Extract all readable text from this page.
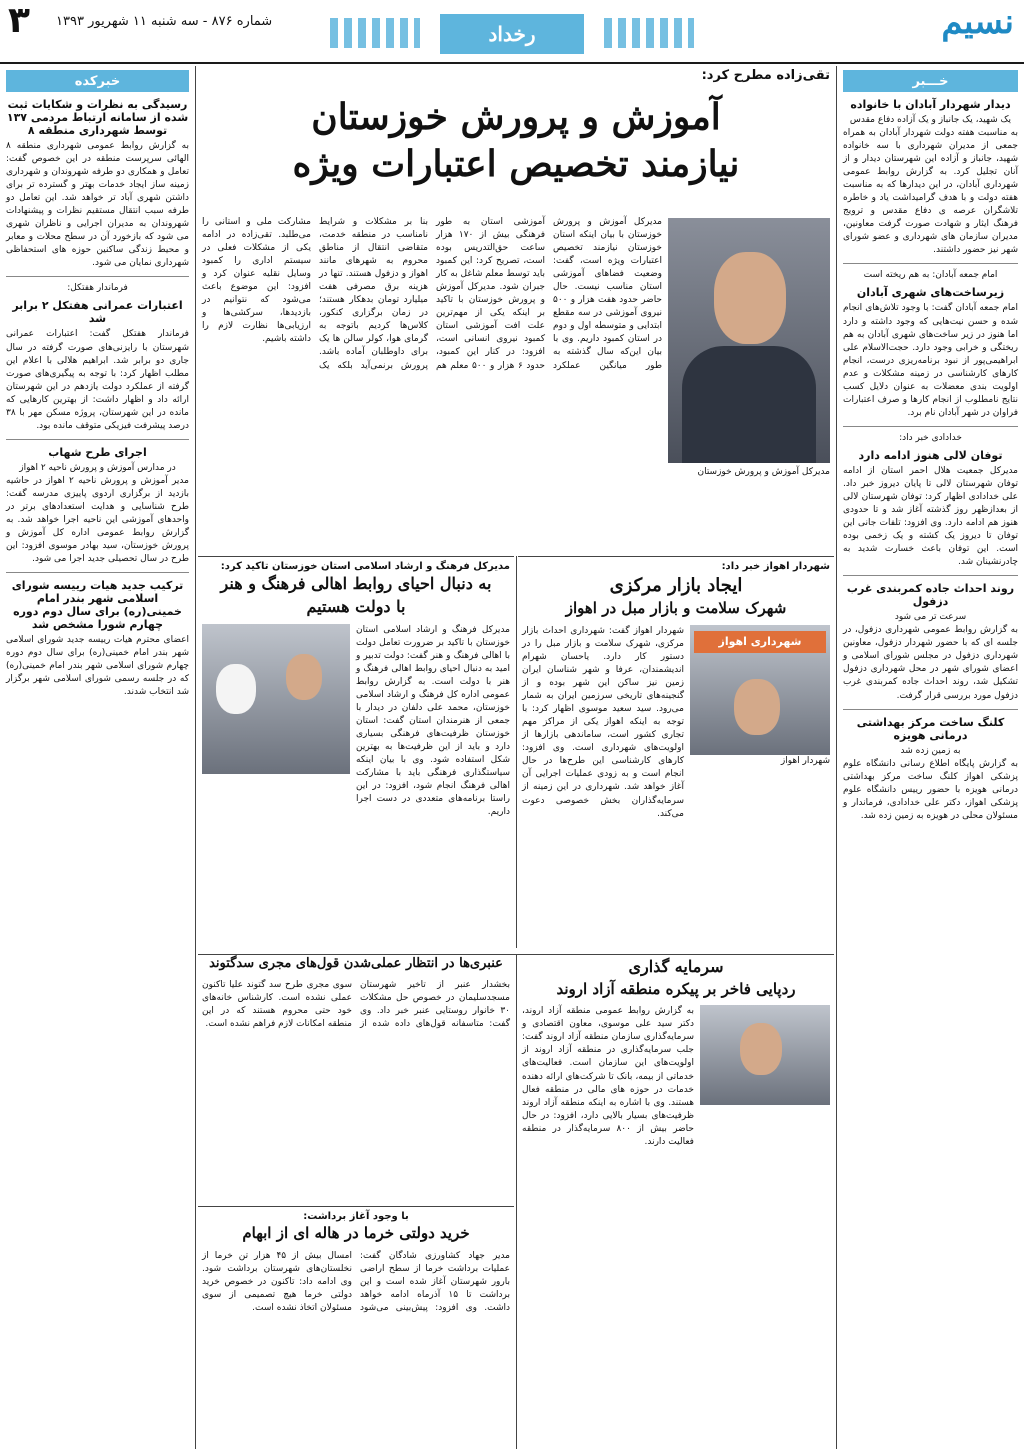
نسیم
رخداد
شماره ۸۷۶ - سه شنبه ۱۱ شهریور ۱۳۹۳
۳
خـــبر
دیدار شهردار آبادان با خانواده
یک شهید، یک جانباز و یک آزاده دفاع مقدس

به مناسبت هفته دولت شهردار آبادان به همراه جمعی از مدیران شهرداری با سه خانواده شهید، جانباز و آزاده این شهرستان دیدار و از آنان تجلیل کرد. به گزارش روابط عمومی شهرداری آبادان، در این دیدارها که به مناسبت هفته دولت و با هدف گرامیداشت یاد و خاطره تلاشگران عرصه ی دفاع مقدس و ترویج فرهنگ ایثار و شهادت صورت گرفت معاونین، مدیران سازمان های شهرداری و عضو شورای شهر نیز حضور داشتند.

امام جمعه آبادان: به هم ریخته است
زیرساخت‌های شهری آبادان

امام جمعه آبادان گفت: با وجود تلاش‌های انجام شده و حسن نیت‌هایی که وجود داشته و دارد اما هنوز در زیر ساخت‌های شهری آبادان به هم ریختگی و خرابی وجود دارد. حجت‌الاسلام علی ابراهیمی‌پور از نبود برنامه‌ریزی درست، انجام کارهای کارشناسی در زمینه مشکلات و عدم اولویت بندی معضلات به عنوان دلایل کسب نتایج نامطلوب از انجام کارها و صرف اعتبارات فراوان در شهر آبادان نام برد.

خدادادی خبر داد:
توفان لالی هنوز ادامه دارد

مدیرکل جمعیت هلال احمر استان از ادامه توفان شهرستان لالی تا پایان دیروز خبر داد. علی خدادادی اظهار کرد: توفان شهرستان لالی از بعدازظهر روز گذشته آغاز شد و تا حدودی هنوز هم ادامه دارد. وی افزود: تلفات جانی این توفان تا دیروز یک کشته و یک زخمی بوده است. این توفان باعث خسارت شدید به چادرنشینان شد.

روند احداث جاده کمربندی غرب دزفول
سرعت تر می شود

به گزارش روابط عمومی شهرداری دزفول، در جلسه ای که با حضور شهردار دزفول، معاونین شهرداری دزفول در مجلس شورای اسلامی و اعضای شورای شهر در محل شهرداری دزفول تشکیل شد، روند احداث جاده کمربندی غرب دزفول مورد بررسی قرار گرفت.

کلنگ ساخت مرکز بهداشتی درمانی هویزه
به زمین زده شد

به گزارش پایگاه اطلاع رسانی دانشگاه علوم پزشکی اهواز کلنگ ساخت مرکز بهداشتی درمانی هویزه با حضور رییس دانشگاه علوم پزشکی اهواز، دکتر علی خدادادی، فرماندار و مسئولان محلی در هویزه به زمین زده شد.

خبرکده
رسیدگی به نظرات و شکایات ثبت شده از سامانه ارتباط مردمی ۱۳۷ توسط شهرداری منطقه ۸

به گزارش روابط عمومی شهرداری منطقه ۸ الهائی سرپرست منطقه در این خصوص گفت: تعامل و همکاری دو طرفه شهروندان و شهرداری زمینه ساز ایجاد خدمات بهتر و گسترده تر برای داشتن شهری آباد تر خواهد شد. این تعامل دو طرفه سبب انتقال مستقیم نظرات و پیشنهادات شهروندان به مدیران اجرایی و ناظران شهری می شود که بازخورد آن در سطح محلات و معابر و محیط زندگی ساکنین حوزه های استحفاظی شهرداری نمایان می شود.

فرماندار هفتکل:
اعتبارات عمرانی هفتکل ۲ برابر شد

فرماندار هفتکل گفت: اعتبارات عمرانی شهرستان با رایزنی‌های صورت گرفته در سال جاری دو برابر شد. ابراهیم هلالی با اعلام این مطلب اظهار کرد: با توجه به پیگیری‌های صورت گرفته از عملکرد دولت یازدهم در این شهرستان ارائه داد و اظهار داشت: از بهترین کارهایی که مانده در این شهرستان، پروژه مسکن مهر با ۳۸ درصد پیشرفت فیزیکی متوقف مانده بود.

اجرای طرح شهاب
در مدارس آموزش و پرورش ناحیه ۲ اهواز

مدیر آموزش و پرورش ناحیه ۲ اهواز در حاشیه بازدید از برگزاری اردوی پاییزی مدرسه گفت: طرح شناسایی و هدایت استعدادهای برتر در واحدهای آموزشی این ناحیه اجرا خواهد شد. به گزارش روابط عمومی اداره کل آموزش و پرورش خوزستان، سید بهادر موسوی افزود: این طرح در سال تحصیلی جدید اجرا می شود.

ترکیب جدید هیات رییسه شورای اسلامی شهر بندر امام خمینی(ره) برای سال دوم دوره چهارم شورا مشخص شد

اعضای محترم هیات رییسه جدید شورای اسلامی شهر بندر امام خمینی(ره) برای سال دوم دوره چهارم شورای اسلامی شهر بندر امام خمینی(ره) که در جلسه رسمی شورای اسلامی شهر برگزار شد انتخاب شدند.

تقی‌زاده مطرح کرد:
آموزش و پرورش خوزستان
نیازمند تخصیص اعتبارات ویژه

مدیرکل آموزش و پرورش خوزستان با بیان اینکه استان خوزستان نیازمند تخصیص اعتبارات ویژه است، گفت: وضعیت فضاهای آموزشی استان مناسب نیست. حال حاضر حدود هفت هزار و ۵۰۰ نیروی آموزشی در سه مقطع ابتدایی و متوسطه اول و دوم در استان کمبود داریم. وی با بیان این‌که سال گذشته به طور میانگین عملکرد آموزشی استان به طور فرهنگی بیش از ۱۷۰ هزار ساعت حق‌التدریس بوده است، تصریح کرد: این کمبود باید توسط معلم شاغل به کار جبران شود. مدیرکل آموزش و پرورش خوزستان با تاکید بر اینکه یکی از مهم‌ترین علت افت آموزشی استان کمبود نیروی انسانی است، افزود: در کنار این کمبود، حدود ۶ هزار و ۵۰۰ معلم هم بنا بر مشکلات و شرایط نامناسب در منطقه خدمت، متقاضی انتقال از مناطق محروم به شهرهای مانند اهواز و دزفول هستند. تنها در هزینه برق مصرفی هفت میلیارد تومان بدهکار هستند؛ در زمان برگزاری کنکور، کلاس‌ها کردیم باتوجه به گرمای هوا، کولر سالن ها یک برای داوطلبان آماده باشد. پرورش برنمی‌آید بلکه یک مشارکت ملی و استانی را می‌طلبد. تقی‌زاده در ادامه یکی از مشکلات فعلی در سیستم اداری را کمبود وسایل نقلیه عنوان کرد و افزود: این موضوع باعث می‌شود که نتوانیم در بازدیدها، سرکشی‌ها و ارزیابی‌ها نظارت لازم را داشته باشیم.

مدیرکل آموزش و پرورش خوزستان

شهردار اهواز خبر داد:
ایجاد بازار مرکزی
شهرک سلامت و بازار مبل در اهواز
شهرداری اهواز

شهردار اهواز

شهردار اهواز گفت: شهرداری احداث بازار مرکزی، شهرک سلامت و بازار مبل را در دستور کار دارد. یاحسان شهرام اندیشمندان، عرفا و شهر شناسان ایران زمین نیز ساکن این شهر بوده و از گنجینه‌های تاریخی سرزمین ایران به شمار می‌رود. سید سعید موسوی اظهار کرد: با توجه به اینکه اهواز یکی از مراکز مهم تجاری کشور است، ساماندهی بازارها از اولویت‌های شهرداری است. وی افزود: کارهای کارشناسی این طرح‌ها در حال انجام است و به زودی عملیات اجرایی آن آغاز خواهد شد. شهرداری در این زمینه از سرمایه‌گذاران بخش خصوصی دعوت می‌کند.

مدیرکل فرهنگ و ارشاد اسلامی استان خوزستان تاکید کرد:
به دنبال احیای روابط اهالی فرهنگ و هنر
با دولت هستیم

مدیرکل فرهنگ و ارشاد اسلامی استان خوزستان با تاکید بر ضرورت تعامل دولت با اهالی فرهنگ و هنر گفت: دولت تدبیر و امید به دنبال احیای روابط اهالی فرهنگ و هنر با دولت است. به گزارش روابط عمومی اداره کل فرهنگ و ارشاد اسلامی خوزستان، محمد علی دلفان در دیدار با جمعی از هنرمندان استان گفت: استان خوزستان ظرفیت‌های فرهنگی بسیاری دارد و باید از این ظرفیت‌ها به بهترین شکل استفاده شود. وی با بیان اینکه سیاستگذاری فرهنگی باید با مشارکت اهالی فرهنگ انجام شود، افزود: در این راستا برنامه‌های متعددی در دست اجرا داریم.

سرمایه گذاری
ردپایی فاخر بر پیکره منطقه آزاد اروند

به گزارش روابط عمومی منطقه آزاد اروند، دکتر سید علی موسوی، معاون اقتصادی و سرمایه‌گذاری سازمان منطقه آزاد اروند گفت: جلب سرمایه‌گذاری در منطقه آزاد اروند از اولویت‌های این سازمان است. فعالیت‌های خدماتی از بیمه، بانک تا شرکت‌های ارائه دهنده خدمات در حوزه های مالی در منطقه فعال هستند. وی با اشاره به اینکه منطقه آزاد اروند ظرفیت‌های بسیار بالایی دارد، افزود: در حال حاضر بیش از ۸۰۰ سرمایه‌گذار در منطقه فعالیت دارند.

عنبری‌ها در انتظار عملی‌شدن قول‌های مجری سدگتوند

بخشدار عنبر از تاخیر شهرستان مسجدسلیمان در خصوص حل مشکلات ۳۰ خانوار روستایی عنبر خبر داد. وی گفت: متاسفانه قول‌های داده شده از سوی مجری طرح سد گتوند علیا تاکنون عملی نشده است. کارشناس خانه‌های خود حتی محروم هستند که در این منطقه امکانات لازم فراهم نشده است.

با وجود آغاز برداشت:
خرید دولتی خرما در هاله ای از ابهام

مدیر جهاد کشاورزی شادگان گفت: عملیات برداشت خرما از سطح اراضی بارور شهرستان آغاز شده است و این برداشت تا ۱۵ آذرماه ادامه خواهد داشت. وی افزود: پیش‌بینی می‌شود امسال بیش از ۴۵ هزار تن خرما از نخلستان‌های شهرستان برداشت شود. وی ادامه داد: تاکنون در خصوص خرید دولتی خرما هیچ تصمیمی از سوی مسئولان اتخاذ نشده است.
